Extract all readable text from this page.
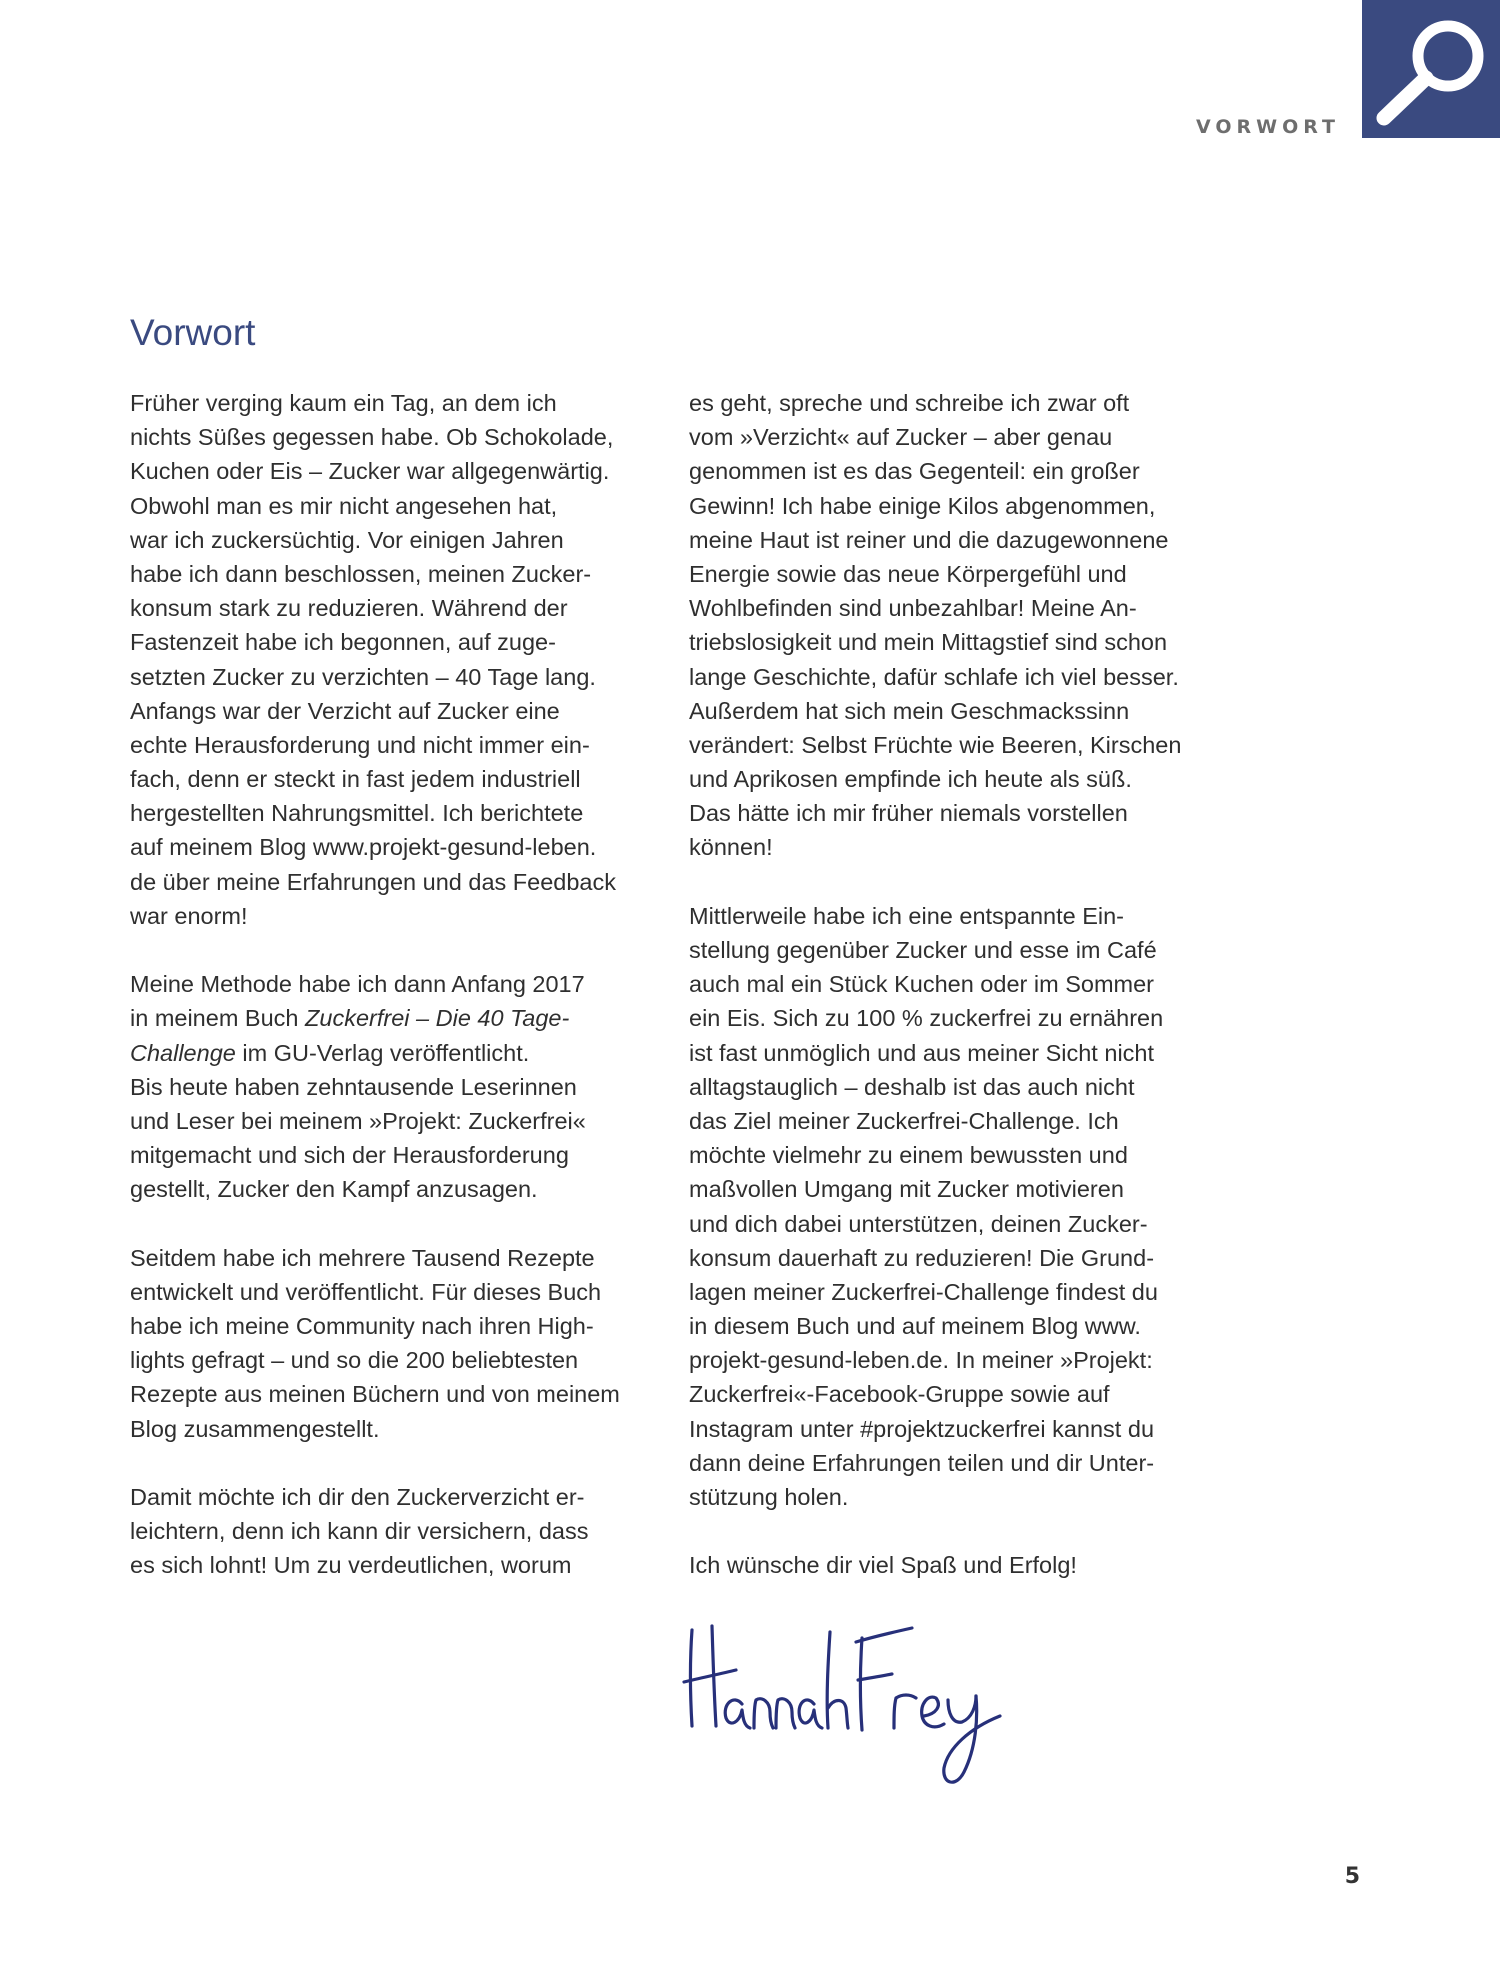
VORWORT
Vorwort
Früher verging kaum ein Tag, an dem ich
nichts Süßes gegessen habe. Ob Schokolade,
Kuchen oder Eis – Zucker war allgegenwärtig.
Obwohl man es mir nicht angesehen hat,
war ich zuckersüchtig. Vor einigen Jahren
habe ich dann beschlossen, meinen Zucker-
konsum stark zu reduzieren. Während der
Fastenzeit habe ich begonnen, auf zuge-
setzten Zucker zu verzichten – 40 Tage lang.
Anfangs war der Verzicht auf Zucker eine
echte Herausforderung und nicht immer ein-
fach, denn er steckt in fast jedem industriell
hergestellten Nahrungsmittel. Ich berichtete
auf meinem Blog www.projekt-gesund-leben.
de über meine Erfahrungen und das Feedback
war enorm!
Meine Methode habe ich dann Anfang 2017
in meinem Buch Zuckerfrei – Die 40 Tage-
Challenge im GU-Verlag veröffentlicht.
Bis heute haben zehntausende Leserinnen
und Leser bei meinem »Projekt: Zuckerfrei«
mitgemacht und sich der Herausforderung
gestellt, Zucker den Kampf anzusagen.
Seitdem habe ich mehrere Tausend Rezepte
entwickelt und veröffentlicht. Für dieses Buch
habe ich meine Community nach ihren High-
lights gefragt – und so die 200 beliebtesten
Rezepte aus meinen Büchern und von meinem
Blog zusammengestellt.
Damit möchte ich dir den Zuckerverzicht er-
leichtern, denn ich kann dir versichern, dass
es sich lohnt! Um zu verdeutlichen, worum
es geht, spreche und schreibe ich zwar oft
vom »Verzicht« auf Zucker – aber genau
genommen ist es das Gegenteil: ein großer
Gewinn! Ich habe einige Kilos abgenommen,
meine Haut ist reiner und die dazugewonnene
Energie sowie das neue Körpergefühl und
Wohlbefinden sind unbezahlbar! Meine An-
triebslosigkeit und mein Mittagstief sind schon
lange Geschichte, dafür schlafe ich viel besser.
Außerdem hat sich mein Geschmackssinn
verändert: Selbst Früchte wie Beeren, Kirschen
und Aprikosen empfinde ich heute als süß.
Das hätte ich mir früher niemals vorstellen
können!
Mittlerweile habe ich eine entspannte Ein-
stellung gegenüber Zucker und esse im Café
auch mal ein Stück Kuchen oder im Sommer
ein Eis. Sich zu 100 % zuckerfrei zu ernähren
ist fast unmöglich und aus meiner Sicht nicht
alltagstauglich – deshalb ist das auch nicht
das Ziel meiner Zuckerfrei-Challenge. Ich
möchte vielmehr zu einem bewussten und
maßvollen Umgang mit Zucker motivieren
und dich dabei unterstützen, deinen Zucker-
konsum dauerhaft zu reduzieren! Die Grund-
lagen meiner Zuckerfrei-Challenge findest du
in diesem Buch und auf meinem Blog www.
projekt-gesund-leben.de. In meiner »Projekt:
Zuckerfrei«-Facebook-Gruppe sowie auf
Instagram unter #projektzuckerfrei kannst du
dann deine Erfahrungen teilen und dir Unter-
stützung holen.
Ich wünsche dir viel Spaß und Erfolg!
5
